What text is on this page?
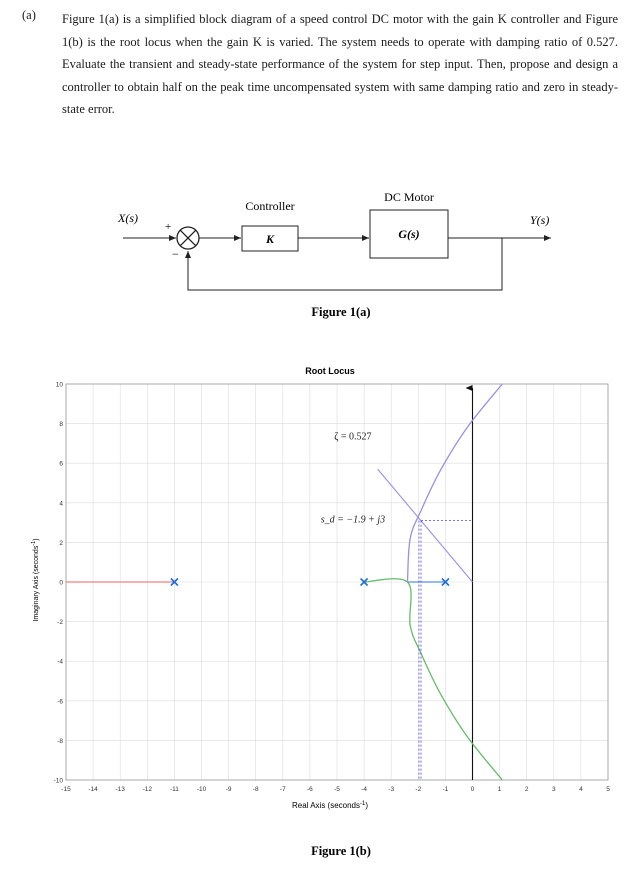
(a) Figure 1(a) is a simplified block diagram of a speed control DC motor with the gain K controller and Figure 1(b) is the root locus when the gain K is varied. The system needs to operate with damping ratio of 0.527. Evaluate the transient and steady-state performance of the system for step input. Then, propose and design a controller to obtain half on the peak time uncompensated system with same damping ratio and zero in steady-state error.

X(s)
+
−
Controller
K
DC Motor
G(s)
Y(s)
Figure 1(a)
Root Locus
-15	-14	-13	-12	-11	-10	-9	-8	-7	-6	-5	-4	-3	-2	-1	0	1	2	3	4	5
-10
-8
-6
-4
-2
0
2
4
6
8
10
ζ = 0.527
s_d = −1.9 + j3
Real Axis (seconds$^{-1}$)
Imaginary Axis (seconds$^{-1}$)
Figure 1(b)
